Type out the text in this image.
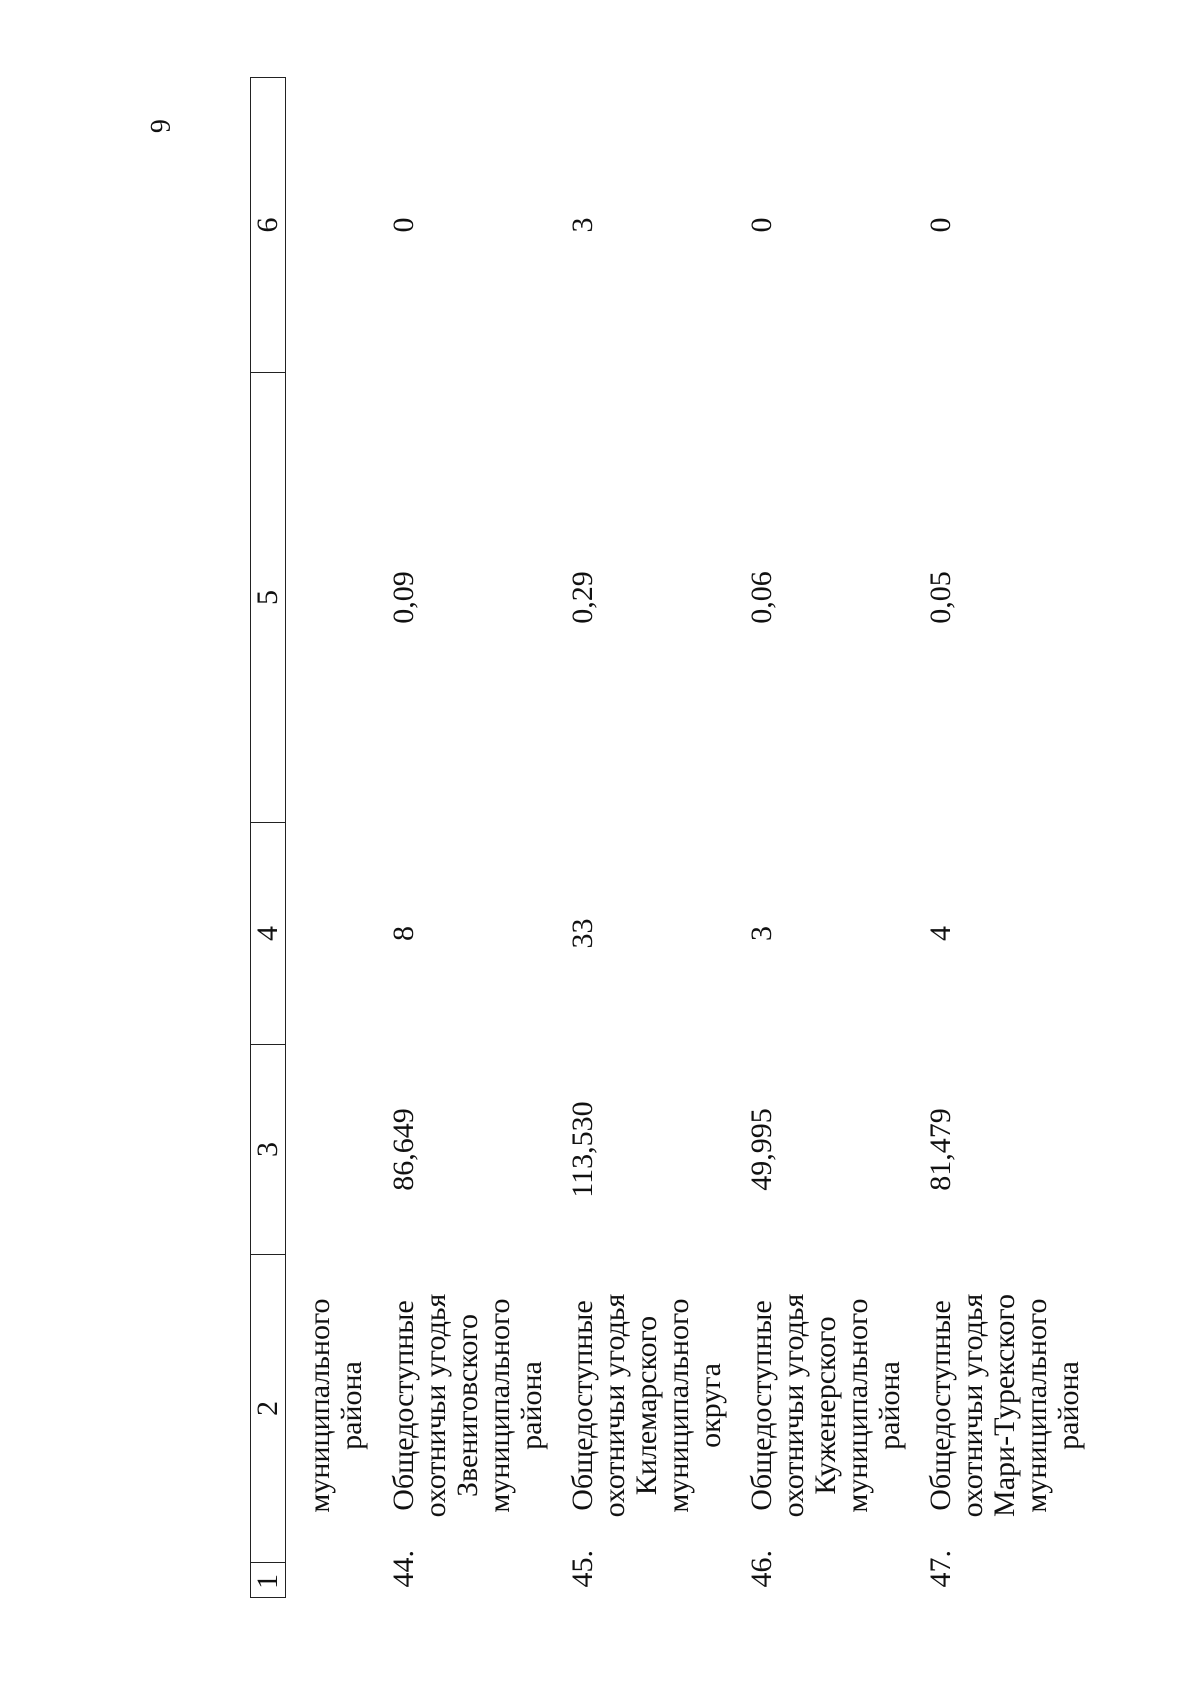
6
1	2	3	4	5	6

	муниципального района				

44.	Общедоступные охотничьи угодья Звениговского муниципального района	86,649	8	0,09	0
45.	Общедоступные охотничьи угодья Килемарского муниципального округа	113,530	33	0,29	3
46.	Общедоступные охотничьи угодья Куженерского муниципального района	49,995	3	0,06	0
47.	Общедоступные охотничьи угодья Мари-Турекского муниципального района	81,479	4	0,05	0
